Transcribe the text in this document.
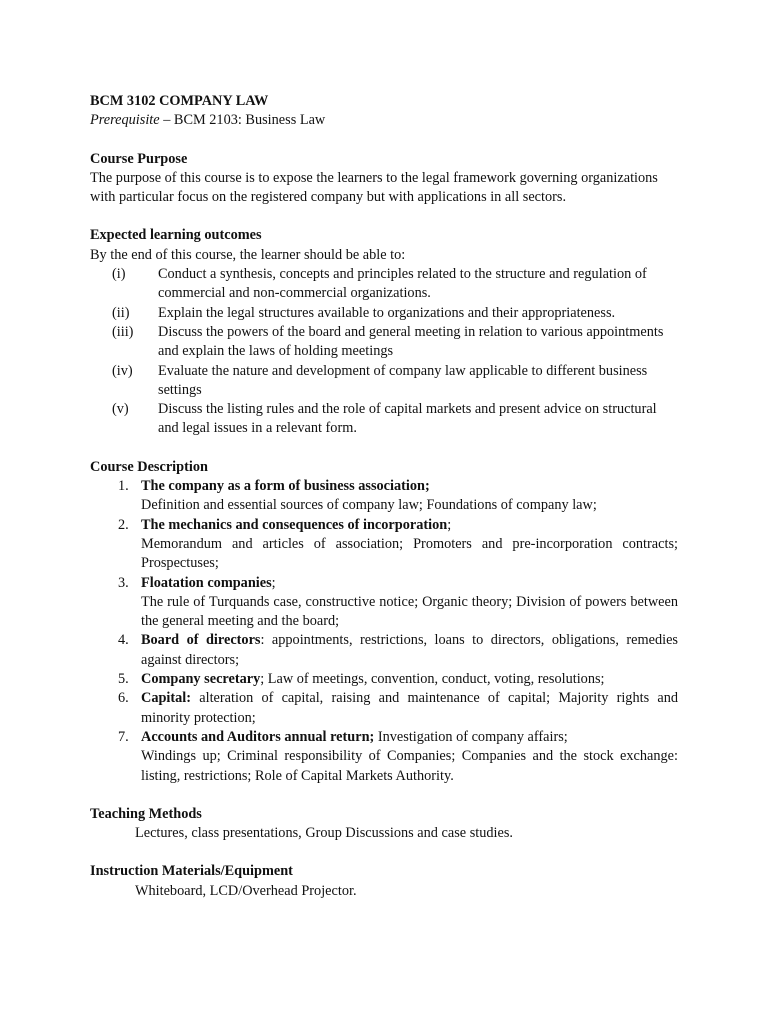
BCM 3102 COMPANY LAW
Prerequisite – BCM 2103: Business Law
Course Purpose
The purpose of this course is to expose the learners to the legal framework governing organizations with particular focus on the registered company but with applications in all sectors.
Expected learning outcomes
By the end of this course, the learner should be able to:
(i) Conduct a synthesis, concepts and principles related to the structure and regulation of commercial and non-commercial organizations.
(ii) Explain the legal structures available to organizations and their appropriateness.
(iii) Discuss the powers of the board and general meeting in relation to various appointments and explain the laws of holding meetings
(iv) Evaluate the nature and development of company law applicable to different business settings
(v) Discuss the listing rules and the role of capital markets and present advice on structural and legal issues in a relevant form.
Course Description
1. The company as a form of business association;
Definition and essential sources of company law; Foundations of company law;
2. The mechanics and consequences of incorporation;
Memorandum and articles of association; Promoters and pre-incorporation contracts; Prospectuses;
3. Floatation companies;
The rule of Turquands case, constructive notice; Organic theory; Division of powers between the general meeting and the board;
4. Board of directors: appointments, restrictions, loans to directors, obligations, remedies against directors;
5. Company secretary; Law of meetings, convention, conduct, voting, resolutions;
6. Capital: alteration of capital, raising and maintenance of capital; Majority rights and minority protection;
7. Accounts and Auditors annual return; Investigation of company affairs;
Windings up; Criminal responsibility of Companies; Companies and the stock exchange: listing, restrictions; Role of Capital Markets Authority.
Teaching Methods
Lectures, class presentations, Group Discussions and case studies.
Instruction Materials/Equipment
Whiteboard, LCD/Overhead Projector.
